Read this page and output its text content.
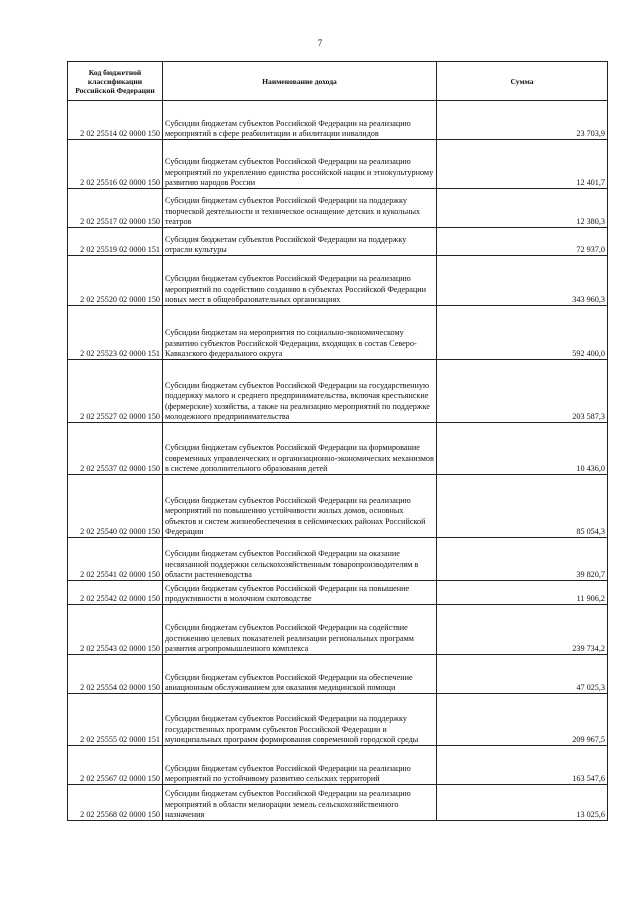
7
Код бюджетной классификации Российской Федерации	Наименование дохода	Сумма
2 02 25514 02 0000 150	Субсидии бюджетам субъектов Российской Федерации на реализацию мероприятий в сфере реабилитации и абилитации инвалидов	23 703,9
2 02 25516 02 0000 150	Субсидии бюджетам субъектов Российской Федерации на реализацию мероприятий по укреплению единства российской нации и этнокультурному развитию народов России	12 401,7
2 02 25517 02 0000 150	Субсидии бюджетам субъектов Российской Федерации на поддержку творческой деятельности и техническое оснащение детских и кукольных театров	12 380,3
2 02 25519 02 0000 151	Субсидия бюджетам субъектов Российской Федерации на поддержку отрасли культуры	72 937,0
2 02 25520 02 0000 150	Субсидии бюджетам субъектов Российской Федерации на реализацию мероприятий по содействию созданию в субъектах Российской Федерации новых мест в общеобразовательных организациях	343 960,3
2 02 25523 02 0000 151	Субсидии бюджетам на мероприятия по социально-экономическому развитию субъектов Российской Федерации, входящих в состав Северо-Кавказского федерального округа	592 400,0
2 02 25527 02 0000 150	Субсидии бюджетам субъектов Российской Федерации на государственную поддержку малого и среднего предпринимательства, включая крестьянские (фермерские) хозяйства, а также на реализацию мероприятий по поддержке молодежного предпринимательства	203 587,3
2 02 25537 02 0000 150	Субсидии бюджетам субъектов Российской Федерации на формирование современных управленческих и организационно-экономических механизмов в системе дополнительного образования детей	10 436,0
2 02 25540 02 0000 150	Субсидии бюджетам субъектов Российской Федерации на реализацию мероприятий по повышению устойчивости жилых домов, основных объектов и систем жизнеобеспечения в сейсмических районах Российской Федерации	85 054,3
2 02 25541 02 0000 150	Субсидии бюджетам субъектов Российской Федерации на оказание несвязанной поддержки сельскохозяйственным товаропроизводителям в области растениеводства	39 820,7
2 02 25542 02 0000 150	Субсидии бюджетам субъектов Российской Федерации на повышение продуктивности в молочном скотоводстве	11 906,2
2 02 25543 02 0000 150	Субсидии бюджетам субъектов Российской Федерации на содействие достижению целевых показателей реализации региональных программ развития агропромышленного комплекса	239 734,2
2 02 25554 02 0000 150	Субсидии бюджетам субъектов Российской Федерации на обеспечение авиационным обслуживанием для оказания медицинской помощи	47 025,3
2 02 25555 02 0000 151	Субсидии бюджетам субъектов Российской Федерации на поддержку государственных программ субъектов Российской Федерации и муниципальных программ формирования современной городской среды	209 967,5
2 02 25567 02 0000 150	Субсидии бюджетам субъектов Российской Федерации на реализацию мероприятий по устойчивому развитию сельских территорий	163 547,6
2 02 25568 02 0000 150	Субсидии бюджетам субъектов Российской Федерации на реализацию мероприятий в области мелиорации земель сельскохозяйственного назначения	13 025,6
